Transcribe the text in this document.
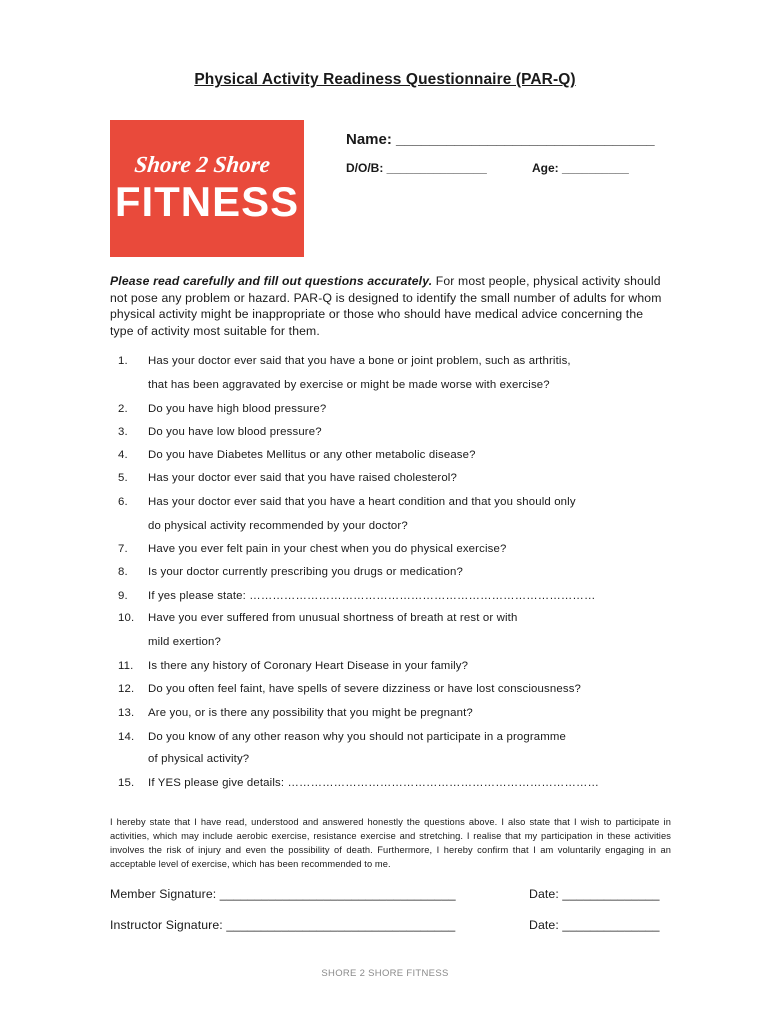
Physical Activity Readiness Questionnaire (PAR-Q)
Shore 2 Shore
FITNESS
Name: _______________________________
D/O/B: _______________	Age: __________
Please read carefully and fill out questions accurately. For most people, physical activity should not pose any problem or hazard. PAR-Q is designed to identify the small number of adults for whom physical activity might be inappropriate or those who should have medical advice concerning the type of activity most suitable for them.
1.	Has your doctor ever said that you have a bone or joint problem, such as arthritis,
that has been aggravated by exercise or might be made worse with exercise?
2.	Do you have high blood pressure?
3.	Do you have low blood pressure?
4.	Do you have Diabetes Mellitus or any other metabolic disease?
5.	Has your doctor ever said that you have raised cholesterol?
6.	Has your doctor ever said that you have a heart condition and that you should only
do physical activity recommended by your doctor?
7.	Have you ever felt pain in your chest when you do physical exercise?
8.	Is your doctor currently prescribing you drugs or medication?
9.	If yes please state: ………………………………………………………………………………
10.	Have you ever suffered from unusual shortness of breath at rest or with
mild exertion?
11.	Is there any history of Coronary Heart Disease in your family?
12.	Do you often feel faint, have spells of severe dizziness or have lost consciousness?
13.	Are you, or is there any possibility that you might be pregnant?
14.	Do you know of any other reason why you should not participate in a programme
of physical activity?
15.	If YES please give details: ………………………………………………………………………
I hereby state that I have read, understood and answered honestly the questions above. I also state that I wish to participate in activities, which may include aerobic exercise, resistance exercise and stretching. I realise that my participation in these activities involves the risk of injury and even the possibility of death. Furthermore, I hereby confirm that I am voluntarily engaging in an acceptable level of exercise, which has been recommended to me.
Member Signature: __________________________________	Date: ______________
Instructor Signature: _________________________________	Date: ______________
SHORE 2 SHORE FITNESS
